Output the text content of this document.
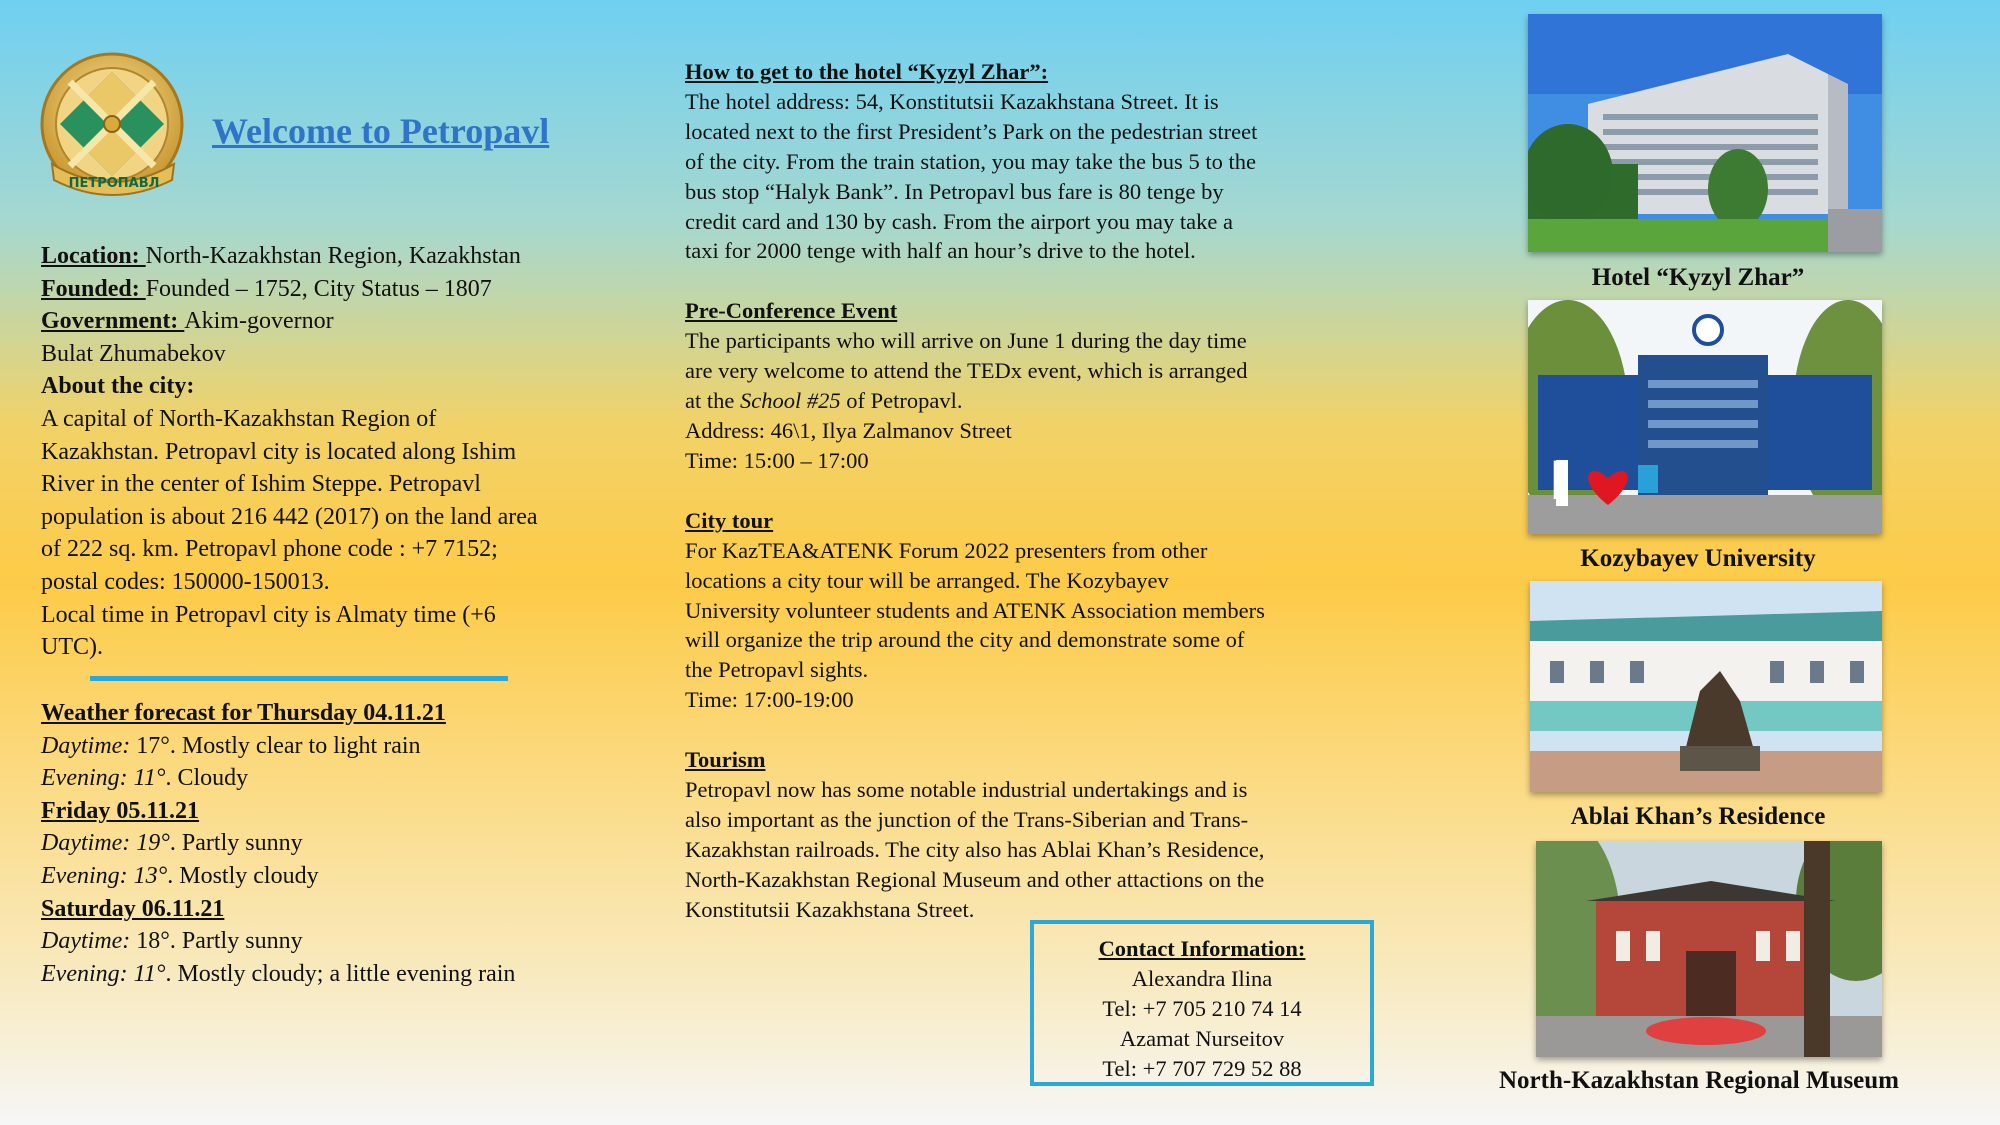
ПЕТРОПАВЛ
Welcome to Petropavl

Location: North-Kazakhstan Region, Kazakhstan

Founded: Founded – 1752, City Status – 1807

Government: Akim-governor

Bulat Zhumabekov

About the city:

A capital of North-Kazakhstan Region of

Kazakhstan. Petropavl city is located along Ishim

River in the center of Ishim Steppe. Petropavl

population is about 216 442 (2017) on the land area

of 222 sq. km. Petropavl phone code : +7 7152;

postal codes: 150000-150013.

Local time in Petropavl city is Almaty time (+6

UTC).

Weather forecast for Thursday 04.11.21

Daytime: 17°. Mostly clear to light rain

Evening: 11°. Cloudy

Friday 05.11.21

Daytime: 19°. Partly sunny

Evening: 13°. Mostly cloudy

Saturday 06.11.21

Daytime: 18°. Partly sunny

Evening: 11°. Mostly cloudy; a little evening rain

How to get to the hotel “Kyzyl Zhar”:

The hotel address: 54, Konstitutsii Kazakhstana Street. It is

located next to the first President’s Park on the pedestrian street

of the city. From the train station, you may take the bus 5 to the

bus stop “Halyk Bank”. In Petropavl bus fare is 80 tenge by

credit card and 130 by cash. From the airport you may take a

taxi for 2000 tenge with half an hour’s drive to the hotel.

Pre-Conference Event

The participants who will arrive on June 1 during the day time

are very welcome to attend the TEDx event, which is arranged

at the School #25 of Petropavl.

Address: 46\1, Ilya Zalmanov Street

Time: 15:00 – 17:00

City tour

For KazTEA&ATENK Forum 2022 presenters from other

locations a city tour will be arranged. The Kozybayev

University volunteer students and ATENK Association members

will organize the trip around the city and demonstrate some of

the Petropavl sights.

Time: 17:00-19:00

Tourism

Petropavl now has some notable industrial undertakings and is

also important as the junction of the Trans-Siberian and Trans-

Kazakhstan railroads. The city also has Ablai Khan’s Residence,

North-Kazakhstan Regional Museum and other attactions on the

Konstitutsii Kazakhstana Street.

Contact Information:

Alexandra Ilina

Tel: +7 705 210 74 14

Azamat Nurseitov

Tel: +7 707 729 52 88

Hotel “Kyzyl Zhar”
I
Kozybayev University
Ablai Khan’s Residence
North-Kazakhstan Regional Museum
